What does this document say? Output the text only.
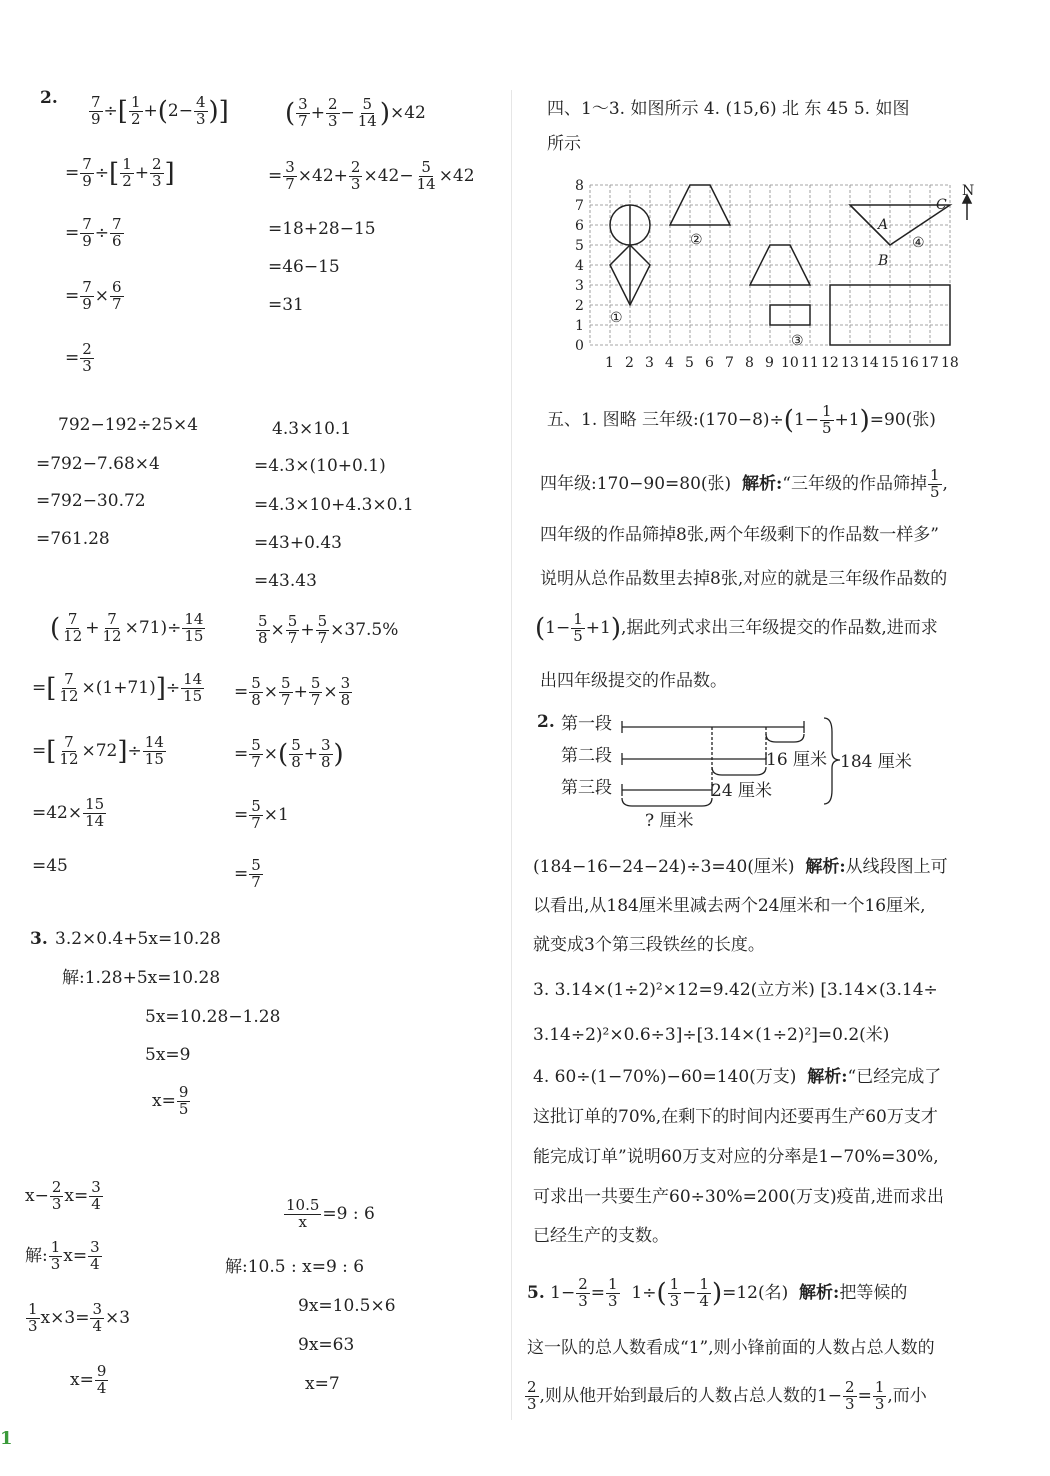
2. $\frac{7}{9}$ ÷[ $\frac{1}{2} +(2- \frac{4}{3}$ )]
= $\frac{7}{9}$ ÷[ $\frac{1}{2} + \frac{2}{3}$ ]
= $\frac{7}{9} \div \frac{7}{6}$
= $\frac{7}{9} \times \frac{6}{7}$
= $\frac{2}{3}$
( $\frac{3}{7} + \frac{2}{3} - \frac{5}{14} )\times 42$
= $\frac{3}{7} \times 42+ \frac{2}{3} \times 42- \frac{5}{14} \times 42$
=18+28−15
=46−15
=31
792−192÷25×4
=792−7.68×4
=792−30.72
=761.28
4.3×10.1
=4.3×(10+0.1)
=4.3×10+4.3×0.1
=43+0.43
=43.43
( $\frac{7}{12} + \frac{7}{12} \times 71)\div \frac{14}{15}$
=[ $\frac{7}{12} \times(1+71)]\div \frac{14}{15}$
=[ $\frac{7}{12} \times 72]\div \frac{14}{15}$
$=42\times \frac{15}{14}$
=45
$\frac{5}{8} \times \frac{5}{7} + \frac{5}{7} \times 37.5\%$
= $\frac{5}{8} \times \frac{5}{7} + \frac{5}{7} \times \frac{3}{8}$
= $\frac{5}{7}$ ×( $\frac{5}{8} + \frac{3}{8}$ )
= $\frac{5}{7} \times 1$
= $\frac{5}{7}$
3. 3.2×0.4+5x=10.28
解:1.28+5x=10.28
5x=10.28−1.28
5x=9
$x= \frac{9}{5}$
$x- \frac{2}{3} x= \frac{3}{4}$
解: $\frac{1}{3} x= \frac{3}{4}$
$\frac{1}{3} x\times 3= \frac{3}{4} \times 3$
$x= \frac{9}{4}$
$\frac{10.5}{x} =9$ : 6
解:10.5 : x=9 : 6
9x=10.5×6
9x=63
x=7
四、1～3. 如图所示 4. (15,6) 北 东 45 5. 如图
所示
8
7
6
5
4
3
2
1
0
1 2 3 4 5 6 7 8 9 10 11 12 13 14 15 16 17 18
①
②
③
④
A
B
C
N
五、1. 图略 三年级:(170−8)÷(1− $\frac{1}{5} +1)=90$(张)
四年级:170−90=80(张) 解析:“三年级的作品筛掉 $\frac{1}{5}$ ,
四年级的作品筛掉8张,两个年级剩下的作品数一样多”
说明从总作品数里去掉8张,对应的就是三年级作品数的
$(1- \frac{1}{5} +1)$,据此列式求出三年级提交的作品数,进而求
出四年级提交的作品数。
2. 第一段
第二段
第三段
16 厘米 184 厘米
24 厘米
? 厘米
(184−16−24−24)÷3=40(厘米) 解析:从线段图上可
以看出,从184厘米里减去两个24厘米和一个16厘米,
就变成3个第三段铁丝的长度。
3. 3.14×(1÷2)²×12=9.42(立方米) [3.14×(3.14÷
3.14÷2)²×0.6÷3]÷[3.14×(1÷2)²]=0.2(米)
4. 60÷(1−70%)−60=140(万支) 解析:“已经完成了
这批订单的70%,在剩下的时间内还要再生产60万支才
能完成订单”说明60万支对应的分率是1−70%=30%,
可求出一共要生产60÷30%=200(万支)疫苗,进而求出
已经生产的支数。
5. $1- \frac{2}{3} = \frac{1}{3} 1\div( \frac{1}{3} - \frac{1}{4} )=12$(名) 解析:把等候的
这一队的总人数看成“1”,则小锋前面的人数占总人数的
$\frac{2}{3}$ ,则从他开始到最后的人数占总人数的$1- \frac{2}{3} = \frac{1}{3}$ ,而小
1
